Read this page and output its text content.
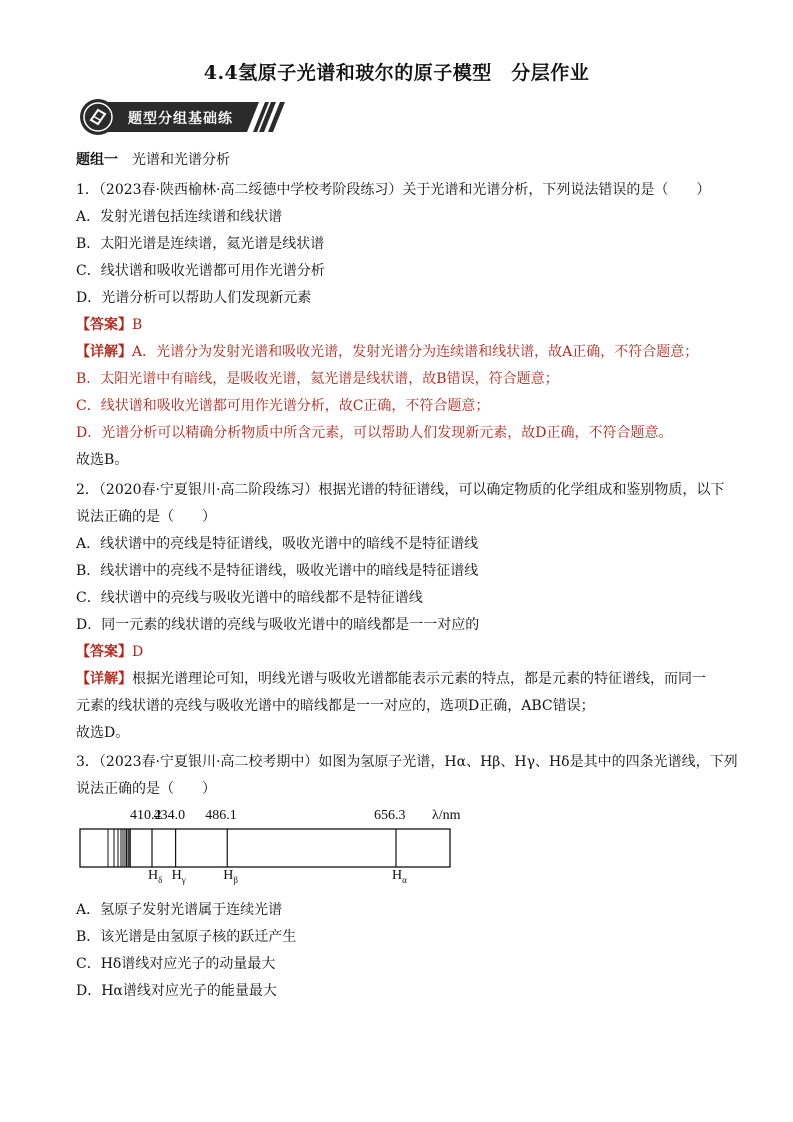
4.4氢原子光谱和玻尔的原子模型　分层作业
题型分组基础练
题组一　 光谱和光谱分析
1．（2023春·陕西榆林·高二绥德中学校考阶段练习）关于光谱和光谱分析，下列说法错误的是（　　）
A．发射光谱包括连续谱和线状谱
B．太阳光谱是连续谱，氦光谱是线状谱
C．线状谱和吸收光谱都可用作光谱分析
D．光谱分析可以帮助人们发现新元素
【答案】B
【详解】A．光谱分为发射光谱和吸收光谱，发射光谱分为连续谱和线状谱，故A正确，不符合题意；
B．太阳光谱中有暗线，是吸收光谱，氦光谱是线状谱，故B错误，符合题意；
C．线状谱和吸收光谱都可用作光谱分析，故C正确，不符合题意；
D．光谱分析可以精确分析物质中所含元素，可以帮助人们发现新元素，故D正确，不符合题意。
故选B。
2．（2020春·宁夏银川·高二阶段练习）根据光谱的特征谱线，可以确定物质的化学组成和鉴别物质，以下
说法正确的是（　　）
A．线状谱中的亮线是特征谱线，吸收光谱中的暗线不是特征谱线
B．线状谱中的亮线不是特征谱线，吸收光谱中的暗线是特征谱线
C．线状谱中的亮线与吸收光谱中的暗线都不是特征谱线
D．同一元素的线状谱的亮线与吸收光谱中的暗线都是一一对应的
【答案】D
【详解】根据光谱理论可知，明线光谱与吸收光谱都能表示元素的特点，都是元素的特征谱线，而同一
元素的线状谱的亮线与吸收光谱中的暗线都是一一对应的，选项D正确，ABC错误；
故选D。
3．（2023春·宁夏银川·高二校考期中）如图为氢原子光谱，Hα、Hβ、Hγ、Hδ是其中的四条光谱线，下列
说法正确的是（　　）
410.2
434.0 486.1	656.3 λ/nm
$H_\delta$ $H_\gamma$	$H_\beta$	$H_\alpha$
A．氢原子发射光谱属于连续光谱
B．该光谱是由氢原子核的跃迁产生
C．Hδ谱线对应光子的动量最大
D．Hα谱线对应光子的能量最大
